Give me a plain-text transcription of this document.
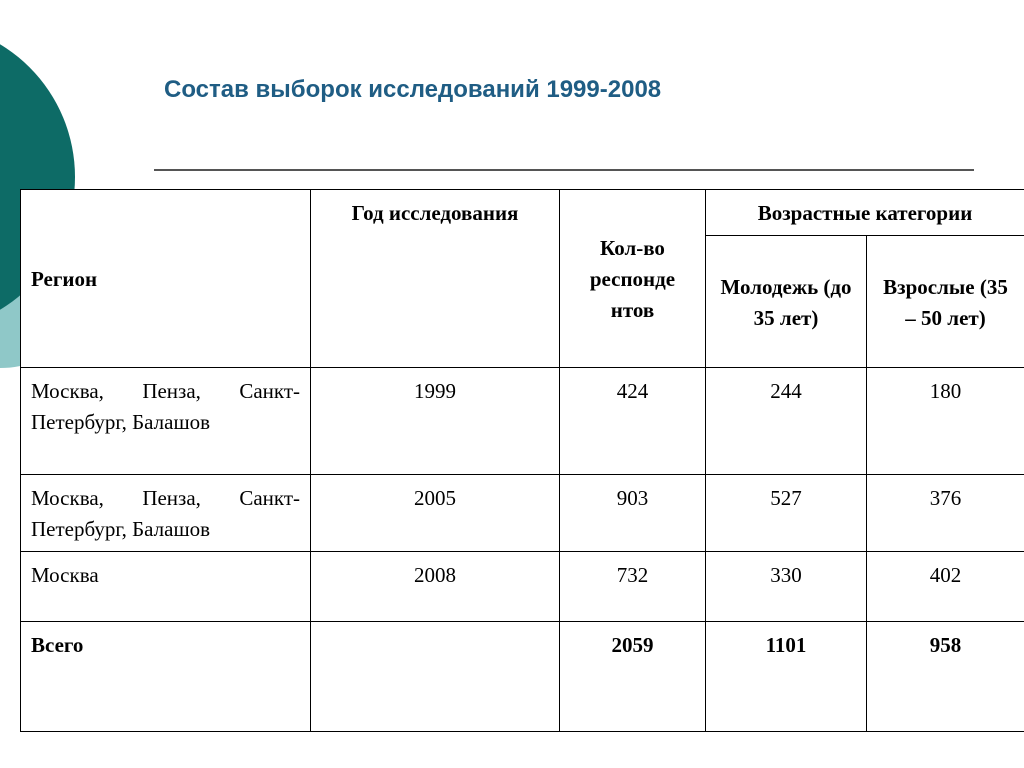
Состав выборок исследований 1999-2008
Регион	Год исследования	Кол-во респонде нтов	Возрастные категории	

			Молодежь (до 35 лет)	Взрослые (35 – 50 лет)

Москва, Пенза, Санкт-Петербург, Балашов	1999	424	244	180

Москва, Пенза, Санкт-Петербург, Балашов	2005	903	527	376

Москва	2008	732	330	402

Всего		2059	1101	958
